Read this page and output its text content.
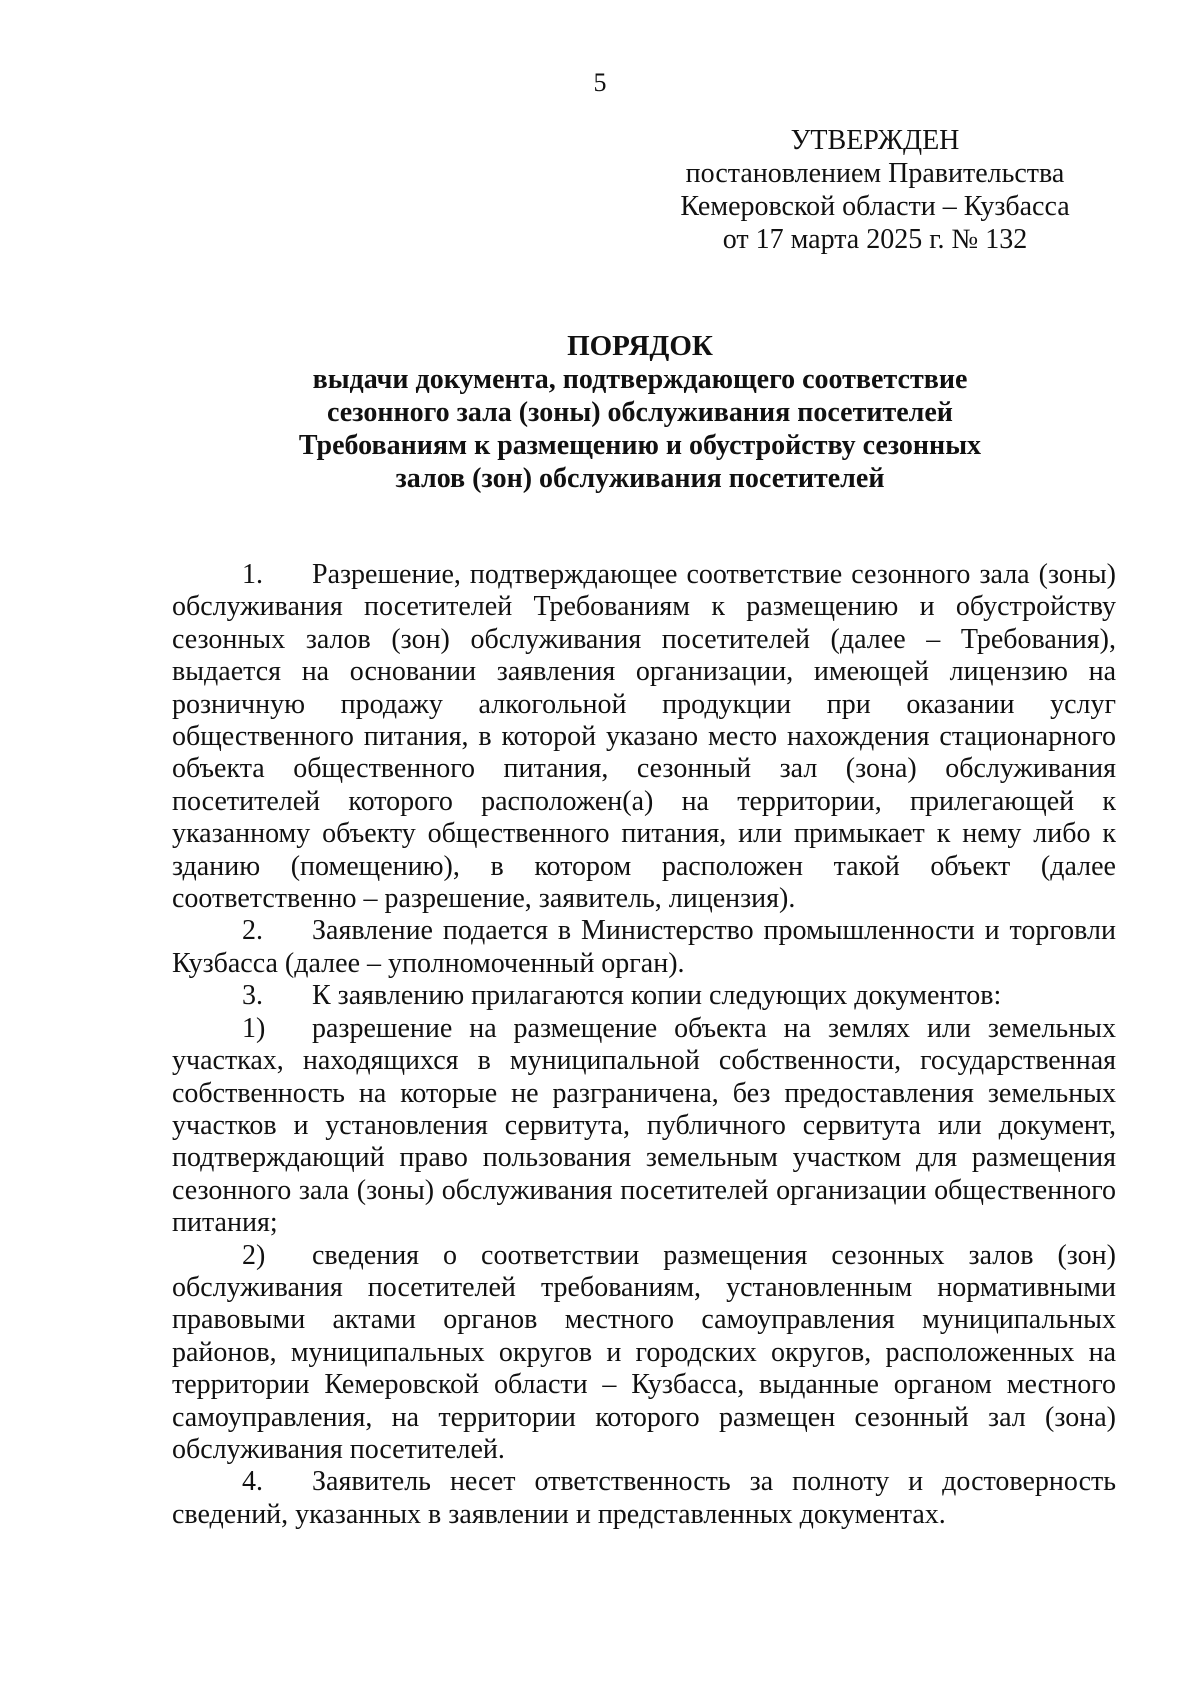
5
УТВЕРЖДЕН
постановлением Правительства
Кемеровской области – Кузбасса
от 17 марта 2025 г. № 132
ПОРЯДОК
выдачи документа, подтверждающего соответствие
сезонного зала (зоны) обслуживания посетителей
Требованиям к размещению и обустройству сезонных
залов (зон) обслуживания посетителей

1. Разрешение, подтверждающее соответствие сезонного зала (зоны) обслуживания посетителей Требованиям к размещению и обустройству сезонных залов (зон) обслуживания посетителей (далее – Требования), выдается на основании заявления организации, имеющей лицензию на розничную продажу алкогольной продукции при оказании услуг общественного питания, в которой указано место нахождения стационарного объекта общественного питания, сезонный зал (зона) обслуживания посетителей которого расположен(а) на территории, прилегающей к указанному объекту общественного питания, или примыкает к нему либо к зданию (помещению), в котором расположен такой объект (далее соответственно – разрешение, заявитель, лицензия).

2. Заявление подается в Министерство промышленности и торговли Кузбасса (далее – уполномоченный орган).

3. К заявлению прилагаются копии следующих документов:

1) разрешение на размещение объекта на землях или земельных участках, находящихся в муниципальной собственности, государственная собственность на которые не разграничена, без предоставления земельных участков и установления сервитута, публичного сервитута или документ, подтверждающий право пользования земельным участком для размещения сезонного зала (зоны) обслуживания посетителей организации общественного питания;

2) сведения о соответствии размещения сезонных залов (зон) обслуживания посетителей требованиям, установленным нормативными правовыми актами органов местного самоуправления муниципальных районов, муниципальных округов и городских округов, расположенных на территории Кемеровской области – Кузбасса, выданные органом местного самоуправления, на территории которого размещен сезонный зал (зона) обслуживания посетителей.

4. Заявитель несет ответственность за полноту и достоверность сведений, указанных в заявлении и представленных документах.
